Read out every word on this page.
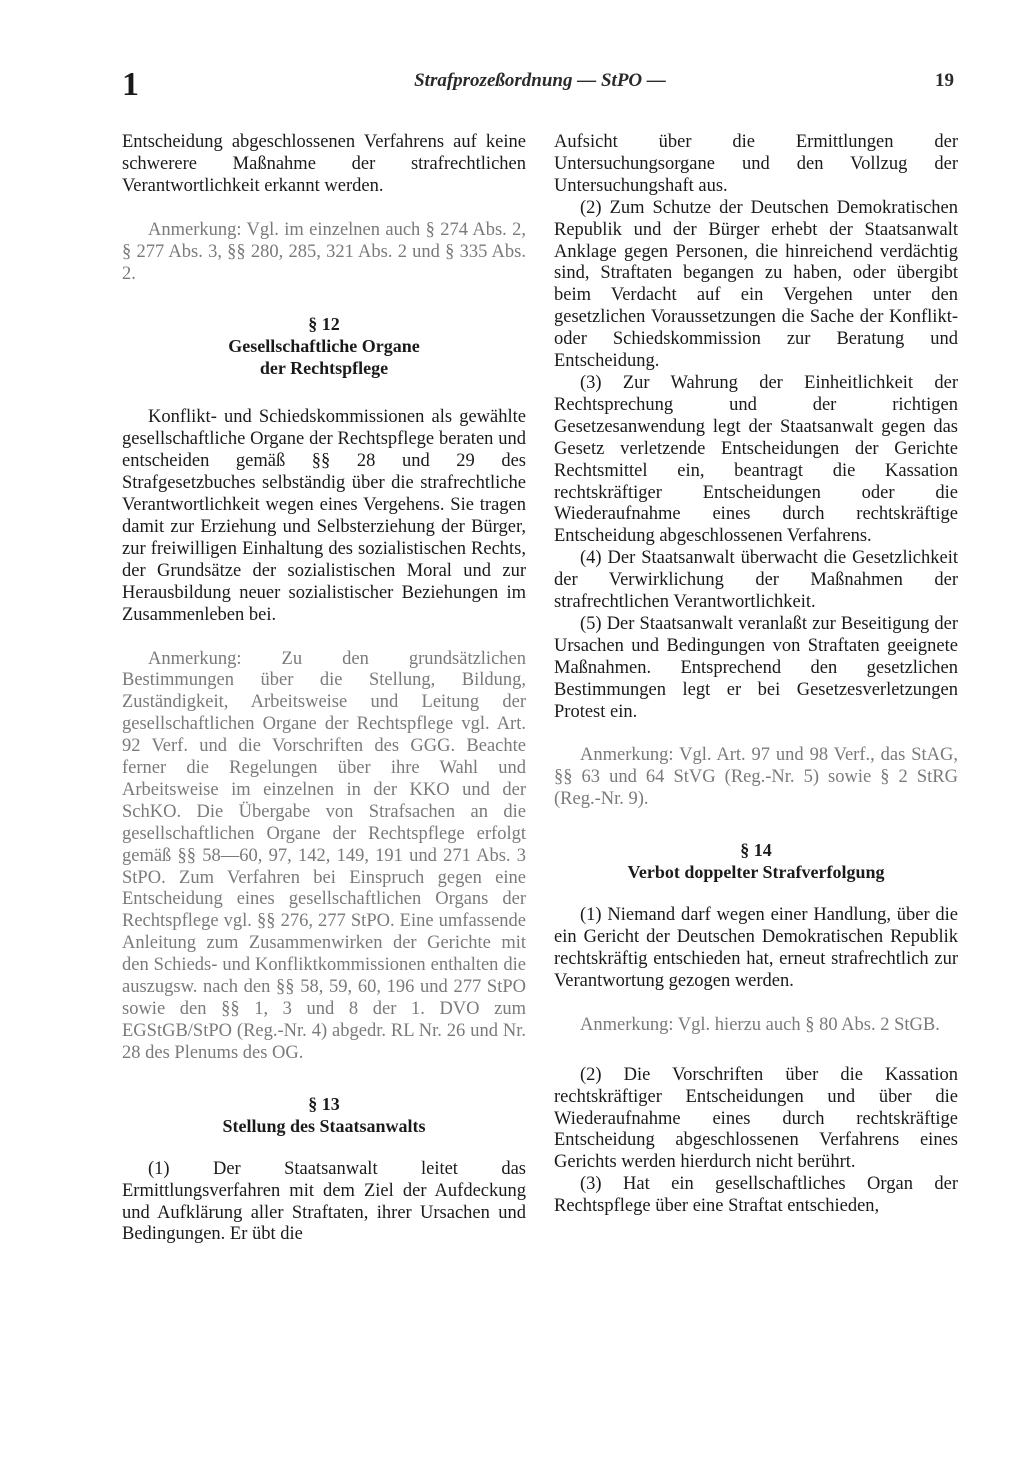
1	Strafprozeßordnung — StPO —	19

Entscheidung abgeschlossenen Verfahrens auf keine schwerere Maßnahme der strafrechtlichen Verantwortlichkeit erkannt werden.

Anmerkung: Vgl. im einzelnen auch § 274 Abs. 2, § 277 Abs. 3, §§ 280, 285, 321 Abs. 2 und § 335 Abs. 2.

§ 12
Gesellschaftliche Organe
der Rechtspflege

Konflikt- und Schiedskommissionen als gewählte gesellschaftliche Organe der Rechtspflege beraten und entscheiden gemäß §§ 28 und 29 des Strafgesetzbuches selbständig über die strafrechtliche Verantwortlichkeit wegen eines Vergehens. Sie tragen damit zur Erziehung und Selbsterziehung der Bürger, zur freiwilligen Einhaltung des sozialistischen Rechts, der Grundsätze der sozialistischen Moral und zur Herausbildung neuer sozialistischer Beziehungen im Zusammenleben bei.

Anmerkung: Zu den grundsätzlichen Bestimmungen über die Stellung, Bildung, Zuständigkeit, Arbeitsweise und Leitung der gesellschaftlichen Organe der Rechtspflege vgl. Art. 92 Verf. und die Vorschriften des GGG. Beachte ferner die Regelungen über ihre Wahl und Arbeitsweise im einzelnen in der KKO und der SchKO. Die Übergabe von Strafsachen an die gesellschaftlichen Organe der Rechtspflege erfolgt gemäß §§ 58—60, 97, 142, 149, 191 und 271 Abs. 3 StPO. Zum Verfahren bei Einspruch gegen eine Entscheidung eines gesellschaftlichen Organs der Rechtspflege vgl. §§ 276, 277 StPO. Eine umfassende Anleitung zum Zusammenwirken der Gerichte mit den Schieds- und Konfliktkommissionen enthalten die auszugsw. nach den §§ 58, 59, 60, 196 und 277 StPO sowie den §§ 1, 3 und 8 der 1. DVO zum EGStGB/StPO (Reg.-Nr. 4) abgedr. RL Nr. 26 und Nr. 28 des Plenums des OG.

§ 13
Stellung des Staatsanwalts

(1) Der Staatsanwalt leitet das Ermittlungsverfahren mit dem Ziel der Aufdeckung und Aufklärung aller Straftaten, ihrer Ursachen und Bedingungen. Er übt die

Aufsicht über die Ermittlungen der Untersuchungsorgane und den Vollzug der Untersuchungshaft aus.

(2) Zum Schutze der Deutschen Demokratischen Republik und der Bürger erhebt der Staatsanwalt Anklage gegen Personen, die hinreichend verdächtig sind, Straftaten begangen zu haben, oder übergibt beim Verdacht auf ein Vergehen unter den gesetzlichen Voraussetzungen die Sache der Konflikt- oder Schiedskommission zur Beratung und Entscheidung.

(3) Zur Wahrung der Einheitlichkeit der Rechtsprechung und der richtigen Gesetzesanwendung legt der Staatsanwalt gegen das Gesetz verletzende Entscheidungen der Gerichte Rechtsmittel ein, beantragt die Kassation rechtskräftiger Entscheidungen oder die Wiederaufnahme eines durch rechtskräftige Entscheidung abgeschlossenen Verfahrens.

(4) Der Staatsanwalt überwacht die Gesetzlichkeit der Verwirklichung der Maßnahmen der strafrechtlichen Verantwortlichkeit.

(5) Der Staatsanwalt veranlaßt zur Beseitigung der Ursachen und Bedingungen von Straftaten geeignete Maßnahmen. Entsprechend den gesetzlichen Bestimmungen legt er bei Gesetzesverletzungen Protest ein.

Anmerkung: Vgl. Art. 97 und 98 Verf., das StAG, §§ 63 und 64 StVG (Reg.-Nr. 5) sowie § 2 StRG (Reg.-Nr. 9).

§ 14
Verbot doppelter Strafverfolgung

(1) Niemand darf wegen einer Handlung, über die ein Gericht der Deutschen Demokratischen Republik rechtskräftig entschieden hat, erneut strafrechtlich zur Verantwortung gezogen werden.

Anmerkung: Vgl. hierzu auch § 80 Abs. 2 StGB.

(2) Die Vorschriften über die Kassation rechtskräftiger Entscheidungen und über die Wiederaufnahme eines durch rechtskräftige Entscheidung abgeschlossenen Verfahrens eines Gerichts werden hierdurch nicht berührt.

(3) Hat ein gesellschaftliches Organ der Rechtspflege über eine Straftat entschieden,
